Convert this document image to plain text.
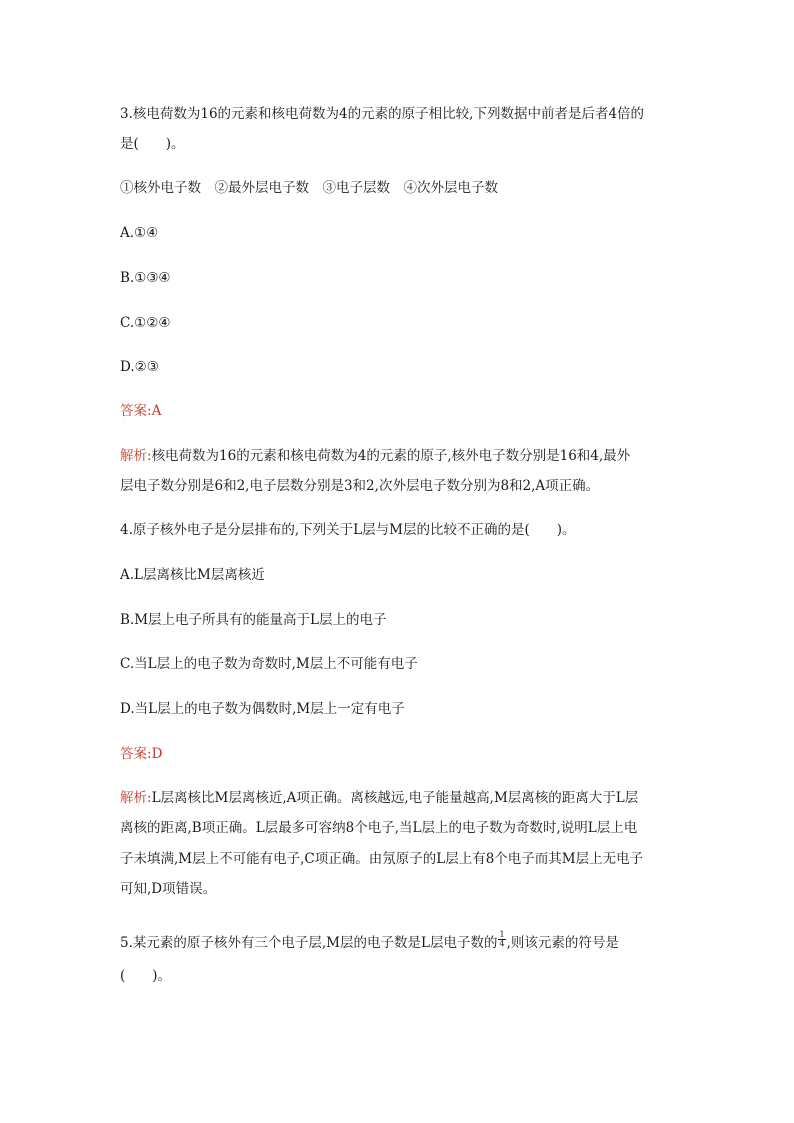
3.核电荷数为16的元素和核电荷数为4的元素的原子相比较,下列数据中前者是后者4倍的
是(　　)。
①核外电子数　②最外层电子数　③电子层数　④次外层电子数
A.①④
B.①③④
C.①②④
D.②③
答案:A
解析:核电荷数为16的元素和核电荷数为4的元素的原子,核外电子数分别是16和4,最外
层电子数分别是6和2,电子层数分别是3和2,次外层电子数分别为8和2,A项正确。
4.原子核外电子是分层排布的,下列关于L层与M层的比较不正确的是(　　)。
A.L层离核比M层离核近
B.M层上电子所具有的能量高于L层上的电子
C.当L层上的电子数为奇数时,M层上不可能有电子
D.当L层上的电子数为偶数时,M层上一定有电子
答案:D
解析:L层离核比M层离核近,A项正确。离核越远,电子能量越高,M层离核的距离大于L层
离核的距离,B项正确。L层最多可容纳8个电子,当L层上的电子数为奇数时,说明L层上电
子未填满,M层上不可能有电子,C项正确。由氖原子的L层上有8个电子而其M层上无电子
可知,D项错误。
5.某元素的原子核外有三个电子层,M层的电子数是L层电子数的 $\frac{1}{4}$ ,则该元素的符号是
(　　)。
